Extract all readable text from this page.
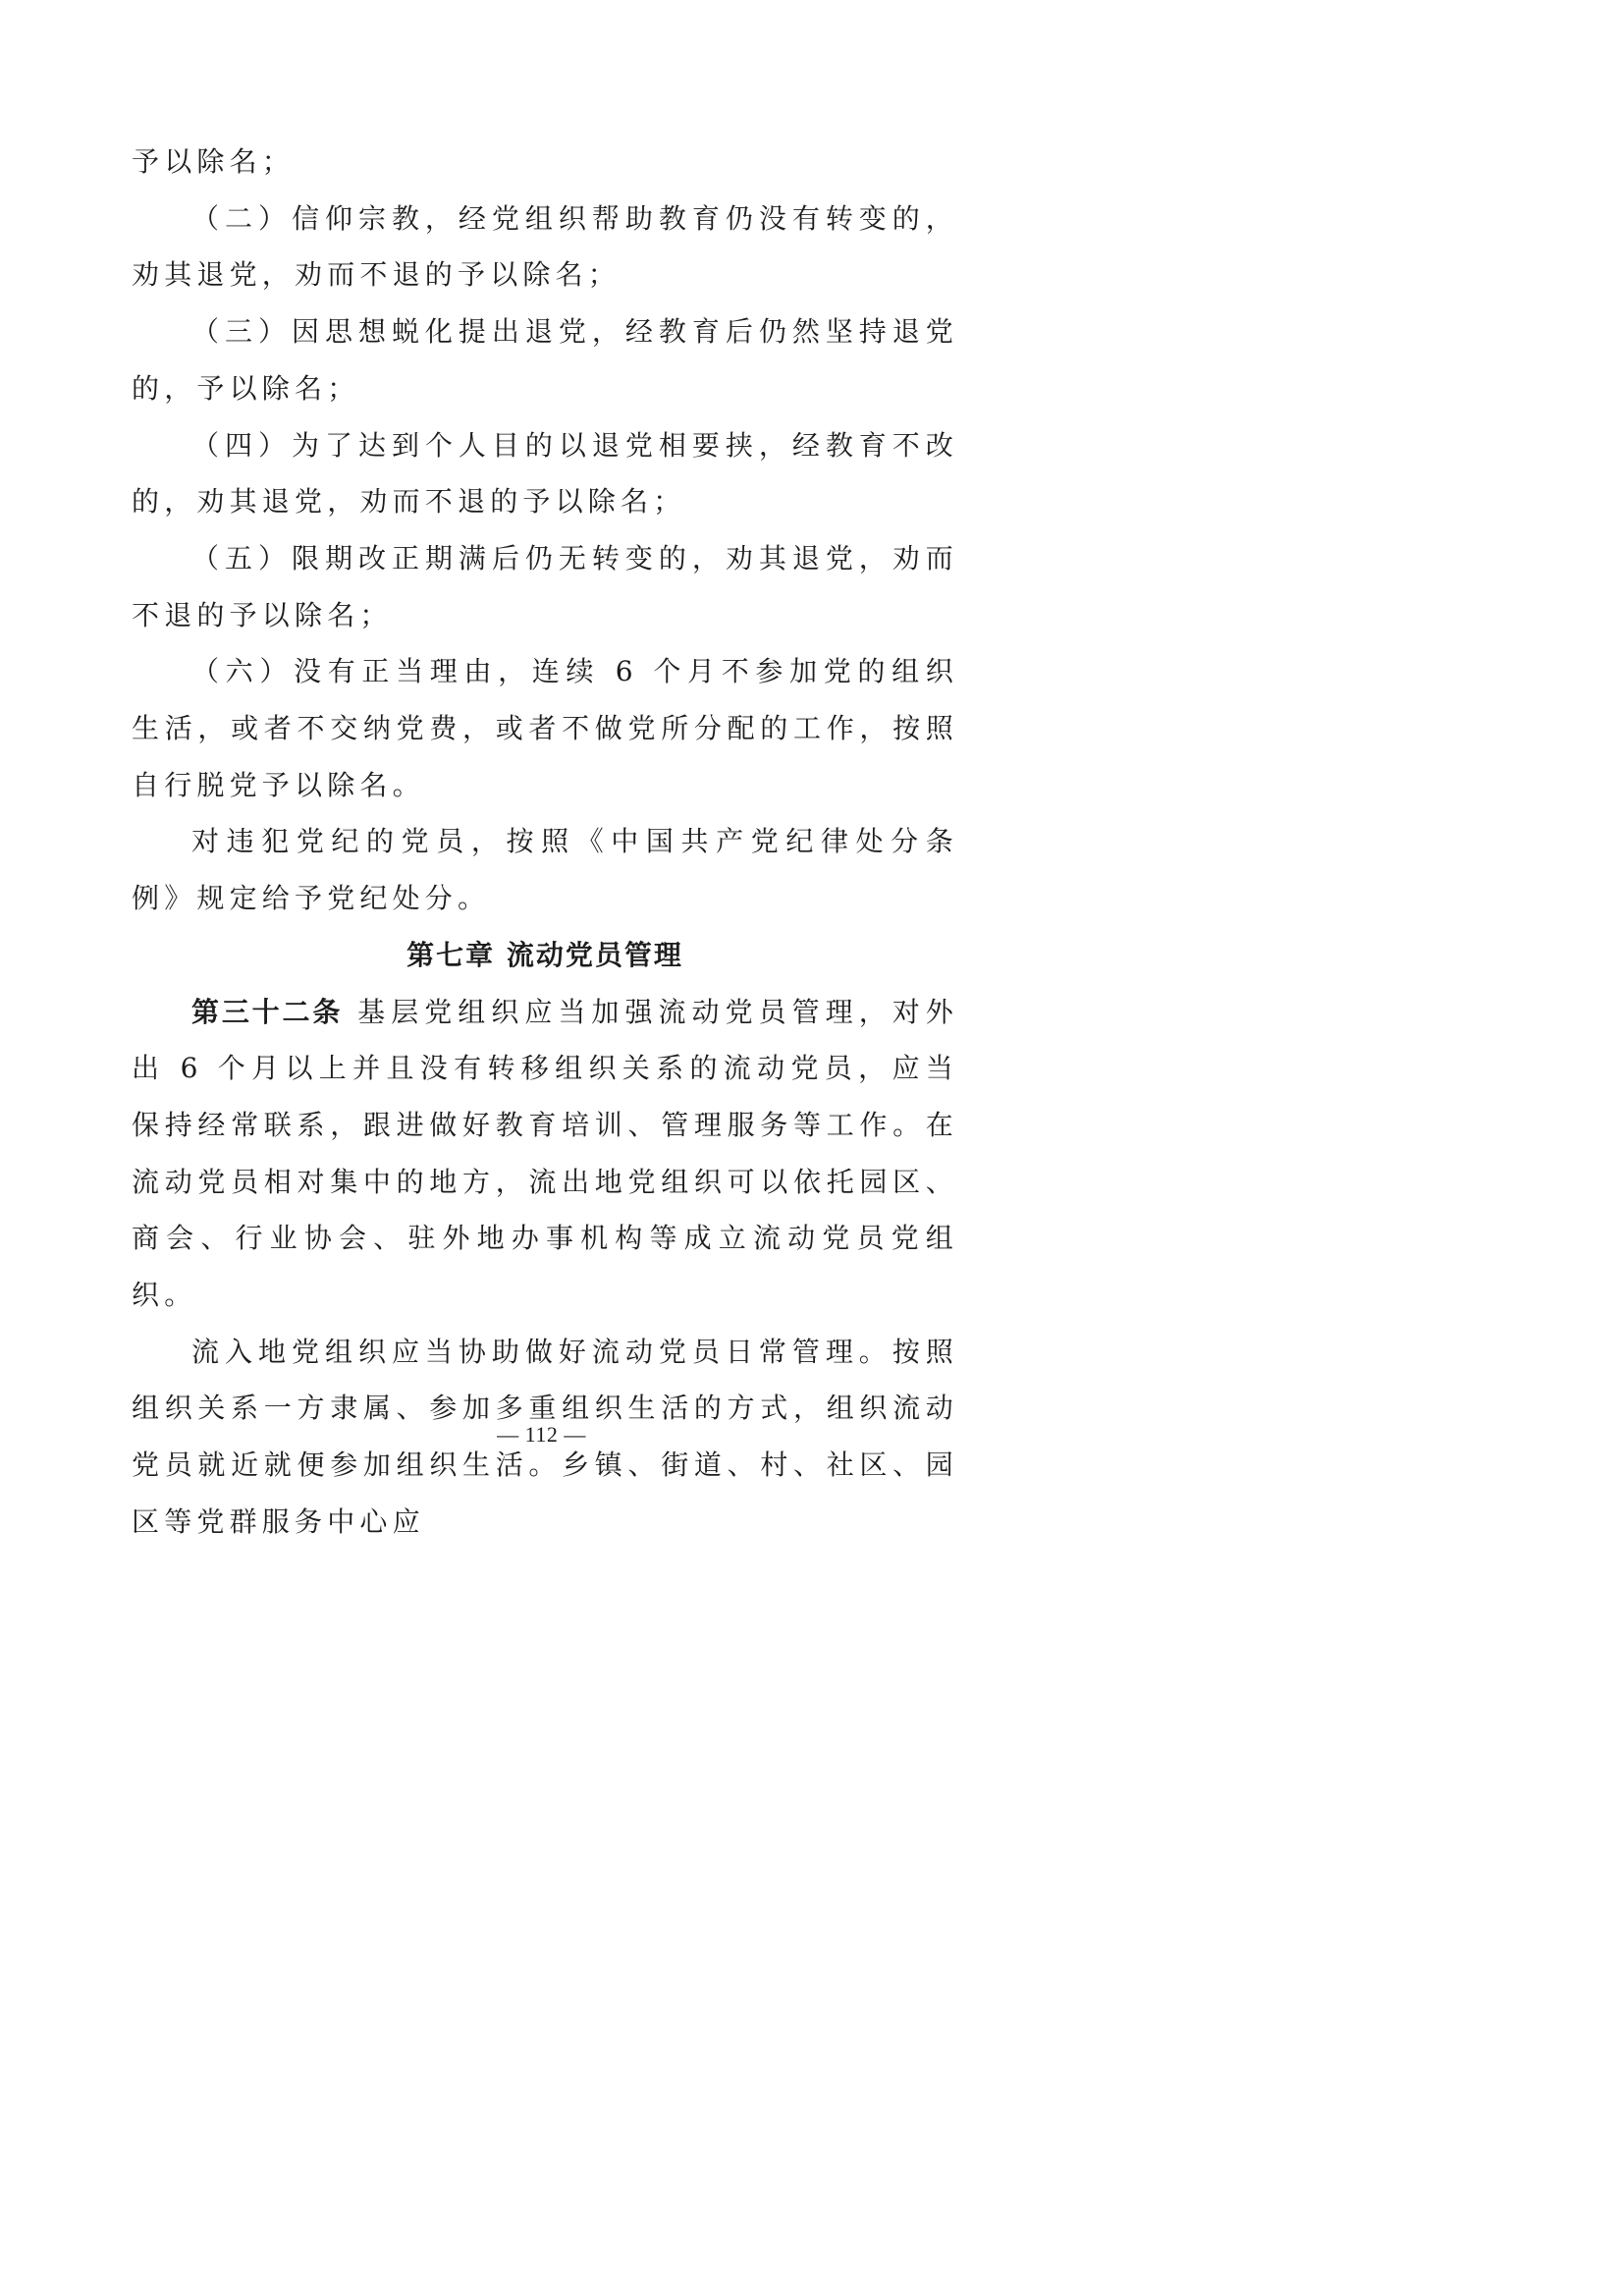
予以除名；

（二）信仰宗教，经党组织帮助教育仍没有转变的，劝其退党，劝而不退的予以除名；

（三）因思想蜕化提出退党，经教育后仍然坚持退党的，予以除名；

（四）为了达到个人目的以退党相要挟，经教育不改的，劝其退党，劝而不退的予以除名；

（五）限期改正期满后仍无转变的，劝其退党，劝而不退的予以除名；

（六）没有正当理由，连续 6 个月不参加党的组织生活，或者不交纳党费，或者不做党所分配的工作，按照自行脱党予以除名。

对违犯党纪的党员，按照《中国共产党纪律处分条例》规定给予党纪处分。

第七章 流动党员管理

第三十二条 基层党组织应当加强流动党员管理，对外出 6 个月以上并且没有转移组织关系的流动党员，应当保持经常联系，跟进做好教育培训、管理服务等工作。在流动党员相对集中的地方，流出地党组织可以依托园区、商会、行业协会、驻外地办事机构等成立流动党员党组织。

流入地党组织应当协助做好流动党员日常管理。按照组织关系一方隶属、参加多重组织生活的方式，组织流动党员就近就便参加组织生活。乡镇、街道、村、社区、园区等党群服务中心应

— 112 —
